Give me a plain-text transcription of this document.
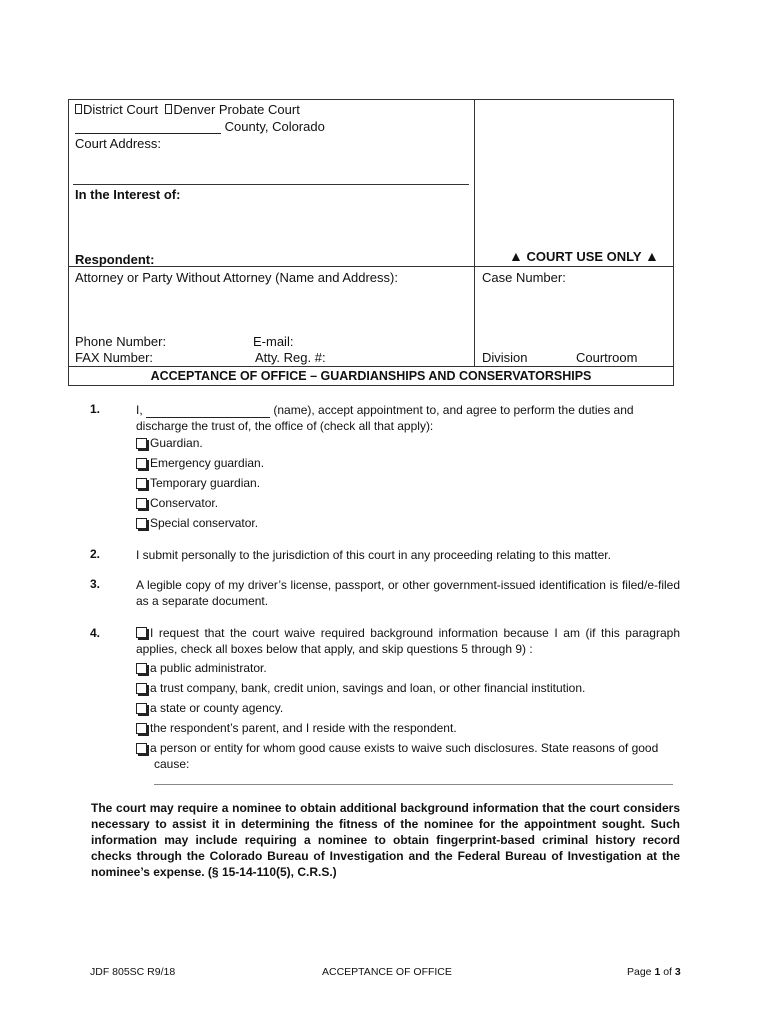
District Court Denver Probate Court
County, Colorado
Court Address:
In the Interest of:
Respondent:
Attorney or Party Without Attorney (Name and Address):
Phone Number:	E-mail:
FAX Number:	Atty. Reg. #:
▲ COURT USE ONLY ▲
Case Number:
Division	Courtroom
ACCEPTANCE OF OFFICE – GUARDIANSHIPS AND CONSERVATORSHIPS
1.	I,	(name), accept appointment to, and agree to perform the duties and
discharge the trust of, the office of (check all that apply):
Guardian.
Emergency guardian.
Temporary guardian.
Conservator.
Special conservator.
2.	I submit personally to the jurisdiction of this court in any proceeding relating to this matter.
3.	A legible copy of my driver’s license, passport, or other government-issued identification is filed/e-filed as a separate document.
4.	I request that the court waive required background information because I am (if this paragraph applies, check all boxes below that apply, and skip questions 5 through 9) :
a public administrator.
a trust company, bank, credit union, savings and loan, or other financial institution.
a state or county agency.
the respondent’s parent, and I reside with the respondent.
a person or entity for whom good cause exists to waive such disclosures. State reasons of good
cause:
The court may require a nominee to obtain additional background information that the court considers necessary to assist it in determining the fitness of the nominee for the appointment sought. Such information may include requiring a nominee to obtain fingerprint-based criminal history record checks through the Colorado Bureau of Investigation and the Federal Bureau of Investigation at the nominee’s expense. (§ 15-14-110(5), C.R.S.)
JDF 805SC R9/18	ACCEPTANCE OF OFFICE	Page 1 of 3
